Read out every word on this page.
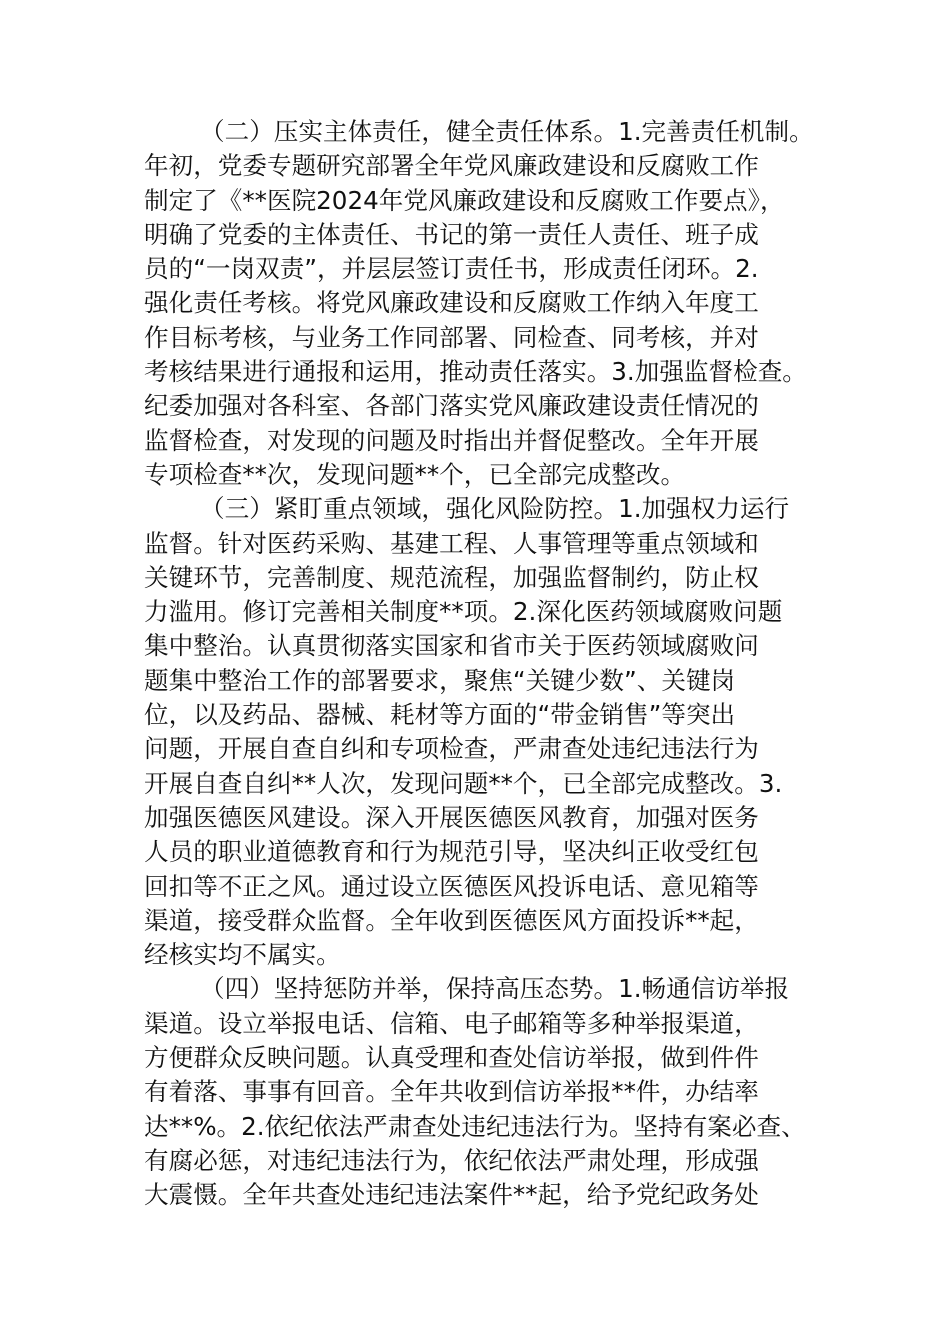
（二）压实主体责任，健全责任体系。1.完善责任机制。
年初，党委专题研究部署全年党风廉政建设和反腐败工作
制定了《**医院2024年党风廉政建设和反腐败工作要点》，
明确了党委的主体责任、书记的第一责任人责任、班子成
员的“一岗双责”，并层层签订责任书，形成责任闭环。2.
强化责任考核。将党风廉政建设和反腐败工作纳入年度工
作目标考核，与业务工作同部署、同检查、同考核，并对
考核结果进行通报和运用，推动责任落实。3.加强监督检查。
纪委加强对各科室、各部门落实党风廉政建设责任情况的
监督检查，对发现的问题及时指出并督促整改。全年开展
专项检查**次，发现问题**个，已全部完成整改。
（三）紧盯重点领域，强化风险防控。1.加强权力运行
监督。针对医药采购、基建工程、人事管理等重点领域和
关键环节，完善制度、规范流程，加强监督制约，防止权
力滥用。修订完善相关制度**项。2.深化医药领域腐败问题
集中整治。认真贯彻落实国家和省市关于医药领域腐败问
题集中整治工作的部署要求，聚焦“关键少数”、关键岗
位，以及药品、器械、耗材等方面的“带金销售”等突出
问题，开展自查自纠和专项检查，严肃查处违纪违法行为
开展自查自纠**人次，发现问题**个，已全部完成整改。3.
加强医德医风建设。深入开展医德医风教育，加强对医务
人员的职业道德教育和行为规范引导，坚决纠正收受红包
回扣等不正之风。通过设立医德医风投诉电话、意见箱等
渠道，接受群众监督。全年收到医德医风方面投诉**起，
经核实均不属实。
（四）坚持惩防并举，保持高压态势。1.畅通信访举报
渠道。设立举报电话、信箱、电子邮箱等多种举报渠道，
方便群众反映问题。认真受理和查处信访举报，做到件件
有着落、事事有回音。全年共收到信访举报**件，办结率
达**%。2.依纪依法严肃查处违纪违法行为。坚持有案必查、
有腐必惩，对违纪违法行为，依纪依法严肃处理，形成强
大震慑。全年共查处违纪违法案件**起，给予党纪政务处
